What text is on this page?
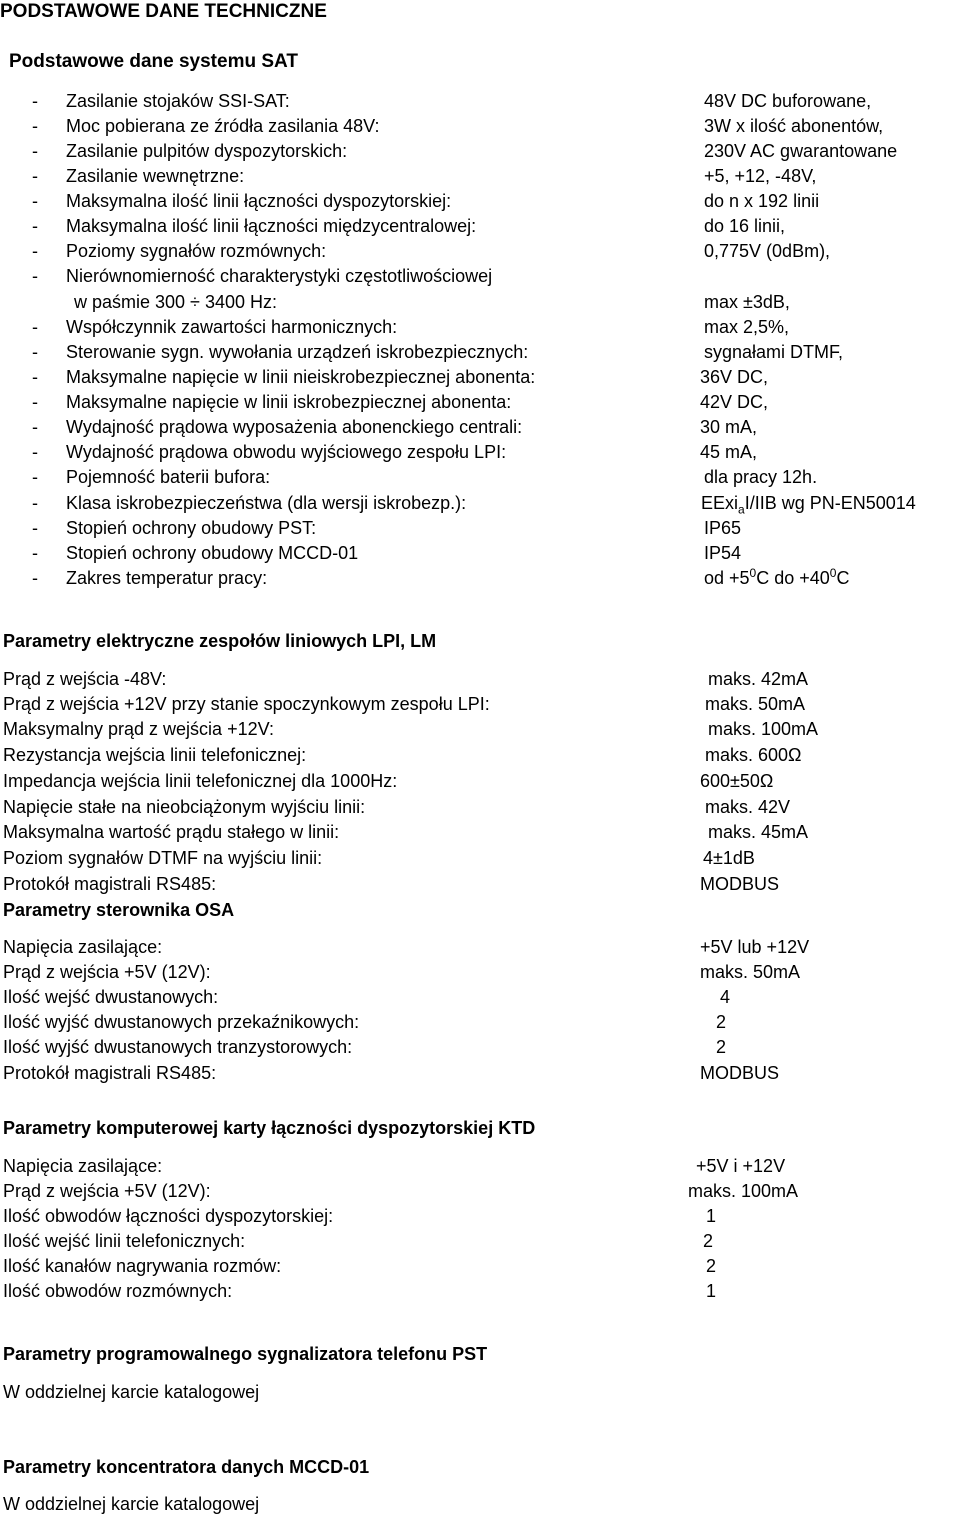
PODSTAWOWE DANE TECHNICZNE
Podstawowe dane systemu SAT
- Zasilanie stojaków SSI-SAT:	48V DC buforowane,
- Moc pobierana ze źródła zasilania 48V:	3W x ilość abonentów,
- Zasilanie pulpitów dyspozytorskich:	230V AC gwarantowane
- Zasilanie wewnętrzne:	+5, +12, -48V,
- Maksymalna ilość linii łączności dyspozytorskiej:	do n x 192 linii
- Maksymalna ilość linii łączności międzycentralowej:	do 16 linii,
- Poziomy sygnałów rozmównych:	0,775V (0dBm),
- Nierównomierność charakterystyki częstotliwościowej
w paśmie 300 ÷ 3400 Hz:	max ±3dB,
- Współczynnik zawartości harmonicznych:	max 2,5%,
- Sterowanie sygn. wywołania urządzeń iskrobezpiecznych:	sygnałami DTMF,
- Maksymalne napięcie w linii nieiskrobezpiecznej abonenta:	36V DC,
- Maksymalne napięcie w linii iskrobezpiecznej abonenta:	42V DC,
- Wydajność prądowa wyposażenia abonenckiego centrali:	30 mA,
- Wydajność prądowa obwodu wyjściowego zespołu LPI:	45 mA,
- Pojemność baterii bufora:	dla pracy 12h.
- Klasa iskrobezpieczeństwa (dla wersji iskrobezp.):	EExi$_a$I/IIB wg PN-EN50014
- Stopień ochrony obudowy PST:	IP65
- Stopień ochrony obudowy MCCD-01	IP54
- Zakres temperatur pracy:	od $+5^0C$ do $+40^0C$
Parametry elektryczne zespołów liniowych LPI, LM
Prąd z wejścia -48V:	maks. 42mA
Prąd z wejścia +12V przy stanie spoczynkowym zespołu LPI:	maks. 50mA
Maksymalny prąd z wejścia +12V:	maks. 100mA
Rezystancja wejścia linii telefonicznej:	maks. 600Ω
Impedancja wejścia linii telefonicznej dla 1000Hz:	600±50Ω
Napięcie stałe na nieobciążonym wyjściu linii:	maks. 42V
Maksymalna wartość prądu stałego w linii:	maks. 45mA
Poziom sygnałów DTMF na wyjściu linii:	4±1dB
Protokół magistrali RS485:	MODBUS
Parametry sterownika OSA
Napięcia zasilające:	+5V lub +12V
Prąd z wejścia +5V (12V):	maks. 50mA
Ilość wejść dwustanowych:	4
Ilość wyjść dwustanowych przekaźnikowych:	2
Ilość wyjść dwustanowych tranzystorowych:	2
Protokół magistrali RS485:	MODBUS
Parametry komputerowej karty łączności dyspozytorskiej KTD
Napięcia zasilające:	+5V i +12V
Prąd z wejścia +5V (12V):	maks. 100mA
Ilość obwodów łączności dyspozytorskiej:	1
Ilość wejść linii telefonicznych:	2
Ilość kanałów nagrywania rozmów:	2
Ilość obwodów rozmównych:	1
Parametry programowalnego sygnalizatora telefonu PST
W oddzielnej karcie katalogowej
Parametry koncentratora danych MCCD-01
W oddzielnej karcie katalogowej
